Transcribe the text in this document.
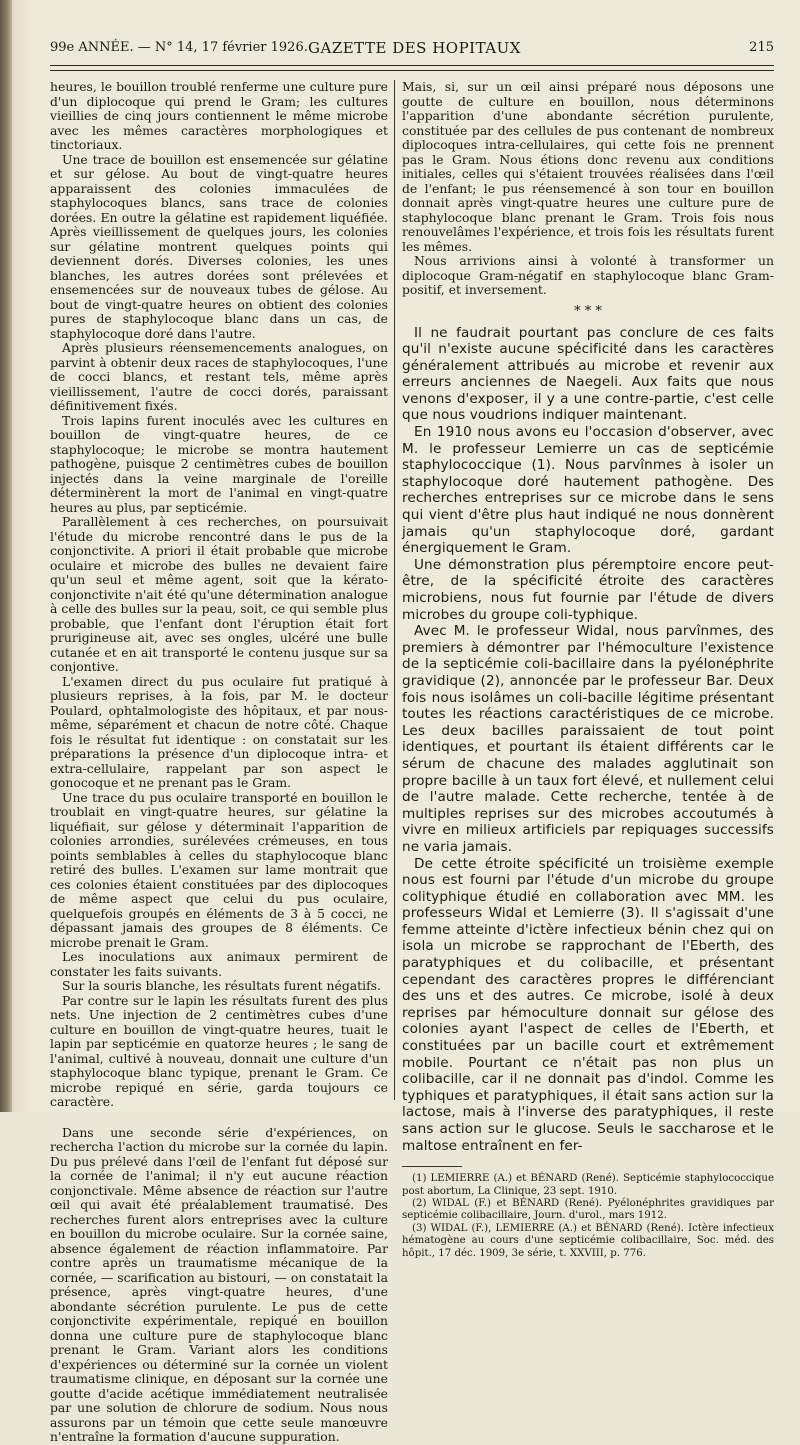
99e ANNÉE. — N° 14, 17 février 1926. GAZETTE DES HOPITAUX	215

heures, le bouillon troublé renferme une culture pure d'un diplocoque qui prend le Gram; les cultures vieillies de cinq jours contiennent le même microbe avec les mêmes caractères morphologiques et tinctoriaux.

Une trace de bouillon est ensemencée sur gélatine et sur gélose. Au bout de vingt-quatre heures apparaissent des colonies immaculées de staphylocoques blancs, sans trace de colonies dorées. En outre la gélatine est rapidement liquéfiée. Après vieillissement de quelques jours, les colonies sur gélatine montrent quelques points qui deviennent dorés. Diverses colonies, les unes blanches, les autres dorées sont prélevées et ensemencées sur de nouveaux tubes de gélose. Au bout de vingt-quatre heures on obtient des colonies pures de staphylocoque blanc dans un cas, de staphylocoque doré dans l'autre.

Après plusieurs réensemencements analogues, on parvint à obtenir deux races de staphylocoques, l'une de cocci blancs, et restant tels, même après vieillissement, l'autre de cocci dorés, paraissant définitivement fixés.

Trois lapins furent inoculés avec les cultures en bouillon de vingt-quatre heures, de ce staphylocoque; le microbe se montra hautement pathogène, puisque 2 centimètres cubes de bouillon injectés dans la veine marginale de l'oreille déterminèrent la mort de l'animal en vingt-quatre heures au plus, par septicémie.

Parallèlement à ces recherches, on poursuivait l'étude du microbe rencontré dans le pus de la conjonctivite. A priori il était probable que microbe oculaire et microbe des bulles ne devaient faire qu'un seul et même agent, soit que la kérato-conjonctivite n'ait été qu'une détermination analogue à celle des bulles sur la peau, soit, ce qui semble plus probable, que l'enfant dont l'éruption était fort prurigineuse ait, avec ses ongles, ulcéré une bulle cutanée et en ait transporté le contenu jusque sur sa conjontive.

L'examen direct du pus oculaire fut pratiqué à plusieurs reprises, à la fois, par M. le docteur Poulard, ophtalmologiste des hôpitaux, et par nous-même, séparément et chacun de notre côté. Chaque fois le résultat fut identique : on constatait sur les préparations la présence d'un diplocoque intra- et extra-cellulaire, rappelant par son aspect le gonocoque et ne prenant pas le Gram.

Une trace du pus oculaire transporté en bouillon le troublait en vingt-quatre heures, sur gélatine la liquéfiait, sur gélose y déterminait l'apparition de colonies arrondies, surélevées crémeuses, en tous points semblables à celles du staphylocoque blanc retiré des bulles. L'examen sur lame montrait que ces colonies étaient constituées par des diplocoques de même aspect que celui du pus oculaire, quelquefois groupés en éléments de 3 à 5 cocci, ne dépassant jamais des groupes de 8 éléments. Ce microbe prenait le Gram.

Les inoculations aux animaux permirent de constater les faits suivants.

Sur la souris blanche, les résultats furent négatifs.

Par contre sur le lapin les résultats furent des plus nets. Une injection de 2 centimètres cubes d'une culture en bouillon de vingt-quatre heures, tuait le lapin par septicémie en quatorze heures ; le sang de l'animal, cultivé à nouveau, donnait une culture d'un staphylocoque blanc typique, prenant le Gram. Ce microbe repiqué en série, garda toujours ce caractère.

Dans une seconde série d'expériences, on rechercha l'action du microbe sur la cornée du lapin. Du pus prélevé dans l'œil de l'enfant fut déposé sur la cornée de l'animal; il n'y eut aucune réaction conjonctivale. Même absence de réaction sur l'autre œil qui avait été préalablement traumatisé. Des recherches furent alors entreprises avec la culture en bouillon du microbe oculaire. Sur la cornée saine, absence également de réaction inflammatoire. Par contre après un traumatisme mécanique de la cornée, — scarification au bistouri, — on constatait la présence, après vingt-quatre heures, d'une abondante sécrétion purulente. Le pus de cette conjonctivite expérimentale, repiqué en bouillon donna une culture pure de staphylocoque blanc prenant le Gram. Variant alors les conditions d'expériences ou déterminé sur la cornée un violent traumatisme clinique, en déposant sur la cornée une goutte d'acide acétique immédiatement neutralisée par une solution de chlorure de sodium. Nous nous assurons par un témoin que cette seule manœuvre n'entraîne la formation d'aucune suppuration.

Mais, si, sur un œil ainsi préparé nous déposons une goutte de culture en bouillon, nous déterminons l'apparition d'une abondante sécrétion purulente, constituée par des cellules de pus contenant de nombreux diplocoques intra-cellulaires, qui cette fois ne prennent pas le Gram. Nous étions donc revenu aux conditions initiales, celles qui s'étaient trouvées réalisées dans l'œil de l'enfant; le pus réensemencé à son tour en bouillon donnait après vingt-quatre heures une culture pure de staphylocoque blanc prenant le Gram. Trois fois nous renouvelâmes l'expérience, et trois fois les résultats furent les mêmes.

Nous arrivions ainsi à volonté à transformer un diplocoque Gram-négatif en staphylocoque blanc Gram-positif, et inversement.

* * *

Il ne faudrait pourtant pas conclure de ces faits qu'il n'existe aucune spécificité dans les caractères généralement attribués au microbe et revenir aux erreurs anciennes de Naegeli. Aux faits que nous venons d'exposer, il y a une contre-partie, c'est celle que nous voudrions indiquer maintenant.

En 1910 nous avons eu l'occasion d'observer, avec M. le professeur Lemierre un cas de septicémie staphylococcique (1). Nous parvînmes à isoler un staphylocoque doré hautement pathogène. Des recherches entreprises sur ce microbe dans le sens qui vient d'être plus haut indiqué ne nous donnèrent jamais qu'un staphylocoque doré, gardant énergiquement le Gram.

Une démonstration plus péremptoire encore peut-être, de la spécificité étroite des caractères microbiens, nous fut fournie par l'étude de divers microbes du groupe coli-typhique.

Avec M. le professeur Widal, nous parvînmes, des premiers à démontrer par l'hémoculture l'existence de la septicémie coli-bacillaire dans la pyélonéphrite gravidique (2), annoncée par le professeur Bar. Deux fois nous isolâmes un coli-bacille légitime présentant toutes les réactions caractéristiques de ce microbe. Les deux bacilles paraissaient de tout point identiques, et pourtant ils étaient différents car le sérum de chacune des malades agglutinait son propre bacille à un taux fort élevé, et nullement celui de l'autre malade. Cette recherche, tentée à de multiples reprises sur des microbes accoutumés à vivre en milieux artificiels par repiquages successifs ne varia jamais.

De cette étroite spécificité un troisième exemple nous est fourni par l'étude d'un microbe du groupe colityphique étudié en collaboration avec MM. les professeurs Widal et Lemierre (3). Il s'agissait d'une femme atteinte d'ictère infectieux bénin chez qui on isola un microbe se rapprochant de l'Eberth, des paratyphiques et du colibacille, et présentant cependant des caractères propres le différenciant des uns et des autres. Ce microbe, isolé à deux reprises par hémoculture donnait sur gélose des colonies ayant l'aspect de celles de l'Eberth, et constituées par un bacille court et extrêmement mobile. Pourtant ce n'était pas non plus un colibacille, car il ne donnait pas d'indol. Comme les typhiques et paratyphiques, il était sans action sur la lactose, mais à l'inverse des paratyphiques, il reste sans action sur le glucose. Seuls le saccharose et le maltose entraînent en fer-

(1) LEMIERRE (A.) et BÉNARD (René). Septicémie staphylococcique post abortum, La Clinique, 23 sept. 1910.

(2) WIDAL (F.) et BÉNARD (René). Pyélonéphrites gravidiques par septicémie colibacillaire, Journ. d'urol., mars 1912.

(3) WIDAL (F.), LEMIERRE (A.) et BÉNARD (René). Ictère infectieux hématogène au cours d'une septicémie colibacillaire, Soc. méd. des hôpit., 17 déc. 1909, 3e série, t. XXVIII, p. 776.
